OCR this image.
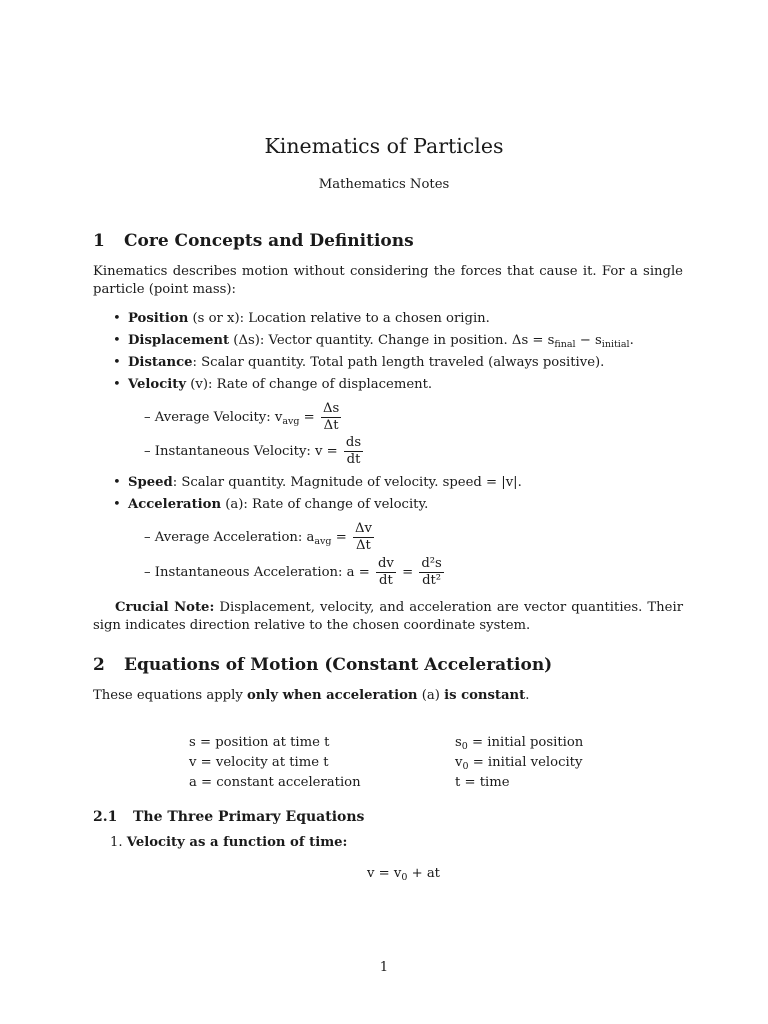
Kinematics of Particles
Mathematics Notes
1 Core Concepts and Definitions
Kinematics describes motion without considering the forces that cause it. For a single particle (point mass):
• Position (s or x): Location relative to a chosen origin.
• Displacement (Δs): Vector quantity. Change in position. $\Delta s = s_{final} - s_{initial}$.
• Distance: Scalar quantity. Total path length traveled (always positive).
• Velocity (v): Rate of change of displacement.
– Average Velocity: $v_{avg} = \frac{\Delta s}{\Delta t}$
– Instantaneous Velocity: $v = \frac{ds}{dt}$
• Speed: Scalar quantity. Magnitude of velocity. speed = |v|.
• Acceleration (a): Rate of change of velocity.
– Average Acceleration: $a_{avg} = \frac{\Delta v}{\Delta t}$
– Instantaneous Acceleration: $a = \frac{dv}{dt} = \frac{\text{d²s}}{\text{dt²}}$
Crucial Note: Displacement, velocity, and acceleration are vector quantities. Their sign indicates direction relative to the chosen coordinate system.
2 Equations of Motion (Constant Acceleration)
These equations apply only when acceleration (a) is constant.
s = position at time t
v = velocity at time t
a = constant acceleration
$s_0$ = initial position
$v_0$ = initial velocity
t = time
2.1 The Three Primary Equations
1. Velocity as a function of time:
$v = v_0$ + at
1
